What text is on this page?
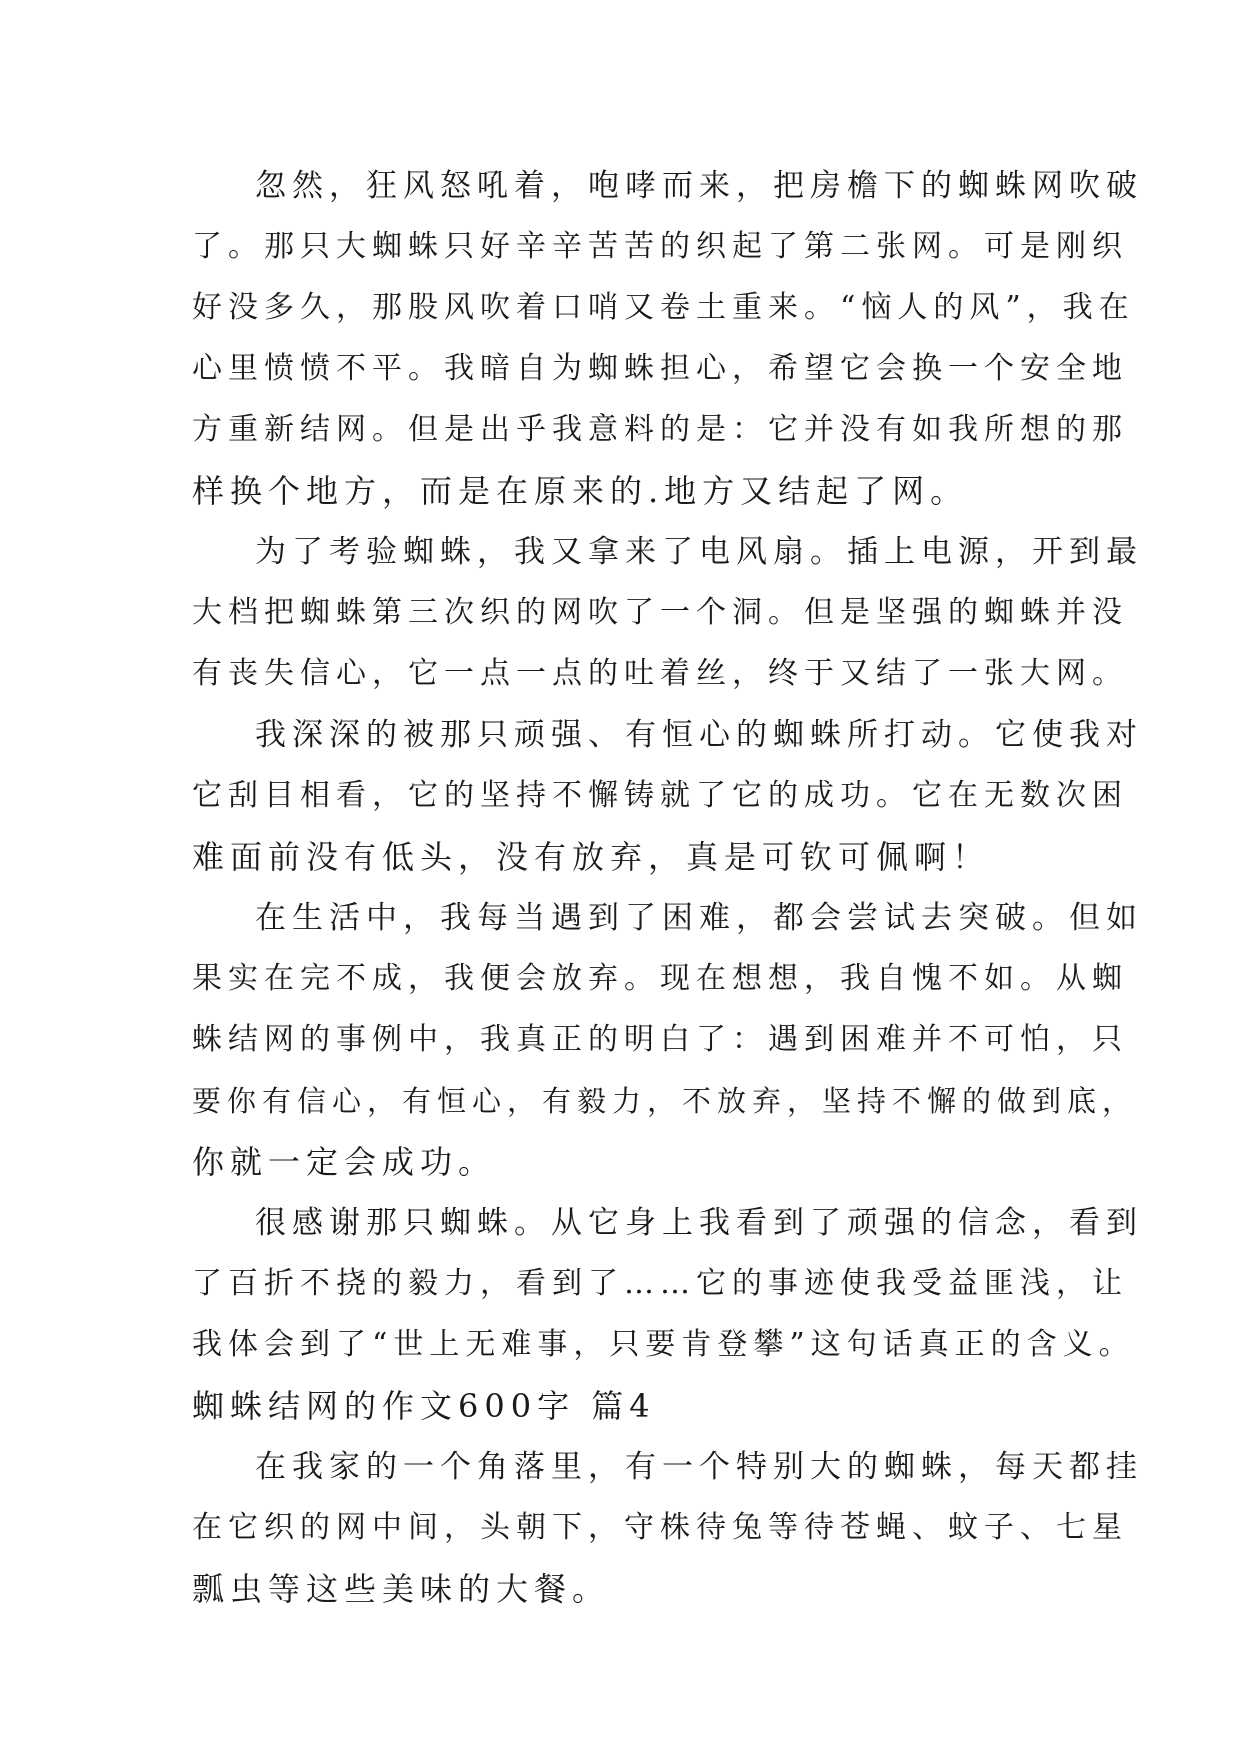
忽然，狂风怒吼着，咆哮而来，把房檐下的蜘蛛网吹破
了。那只大蜘蛛只好辛辛苦苦的织起了第二张网。可是刚织
好没多久，那股风吹着口哨又卷土重来。“恼人的风”，我在
心里愤愤不平。我暗自为蜘蛛担心，希望它会换一个安全地
方重新结网。但是出乎我意料的是：它并没有如我所想的那
样换个地方，而是在原来的.地方又结起了网。
为了考验蜘蛛，我又拿来了电风扇。插上电源，开到最
大档把蜘蛛第三次织的网吹了一个洞。但是坚强的蜘蛛并没
有丧失信心，它一点一点的吐着丝，终于又结了一张大网。
我深深的被那只顽强、有恒心的蜘蛛所打动。它使我对
它刮目相看，它的坚持不懈铸就了它的成功。它在无数次困
难面前没有低头，没有放弃，真是可钦可佩啊！
在生活中，我每当遇到了困难，都会尝试去突破。但如
果实在完不成，我便会放弃。现在想想，我自愧不如。从蜘
蛛结网的事例中，我真正的明白了：遇到困难并不可怕，只
要你有信心，有恒心，有毅力，不放弃，坚持不懈的做到底，
你就一定会成功。
很感谢那只蜘蛛。从它身上我看到了顽强的信念，看到
了百折不挠的毅力，看到了……它的事迹使我受益匪浅，让
我体会到了“世上无难事，只要肯登攀”这句话真正的含义。
蜘蛛结网的作文600字 篇4
在我家的一个角落里，有一个特别大的蜘蛛，每天都挂
在它织的网中间，头朝下，守株待兔等待苍蝇、蚊子、七星
瓢虫等这些美味的大餐。
